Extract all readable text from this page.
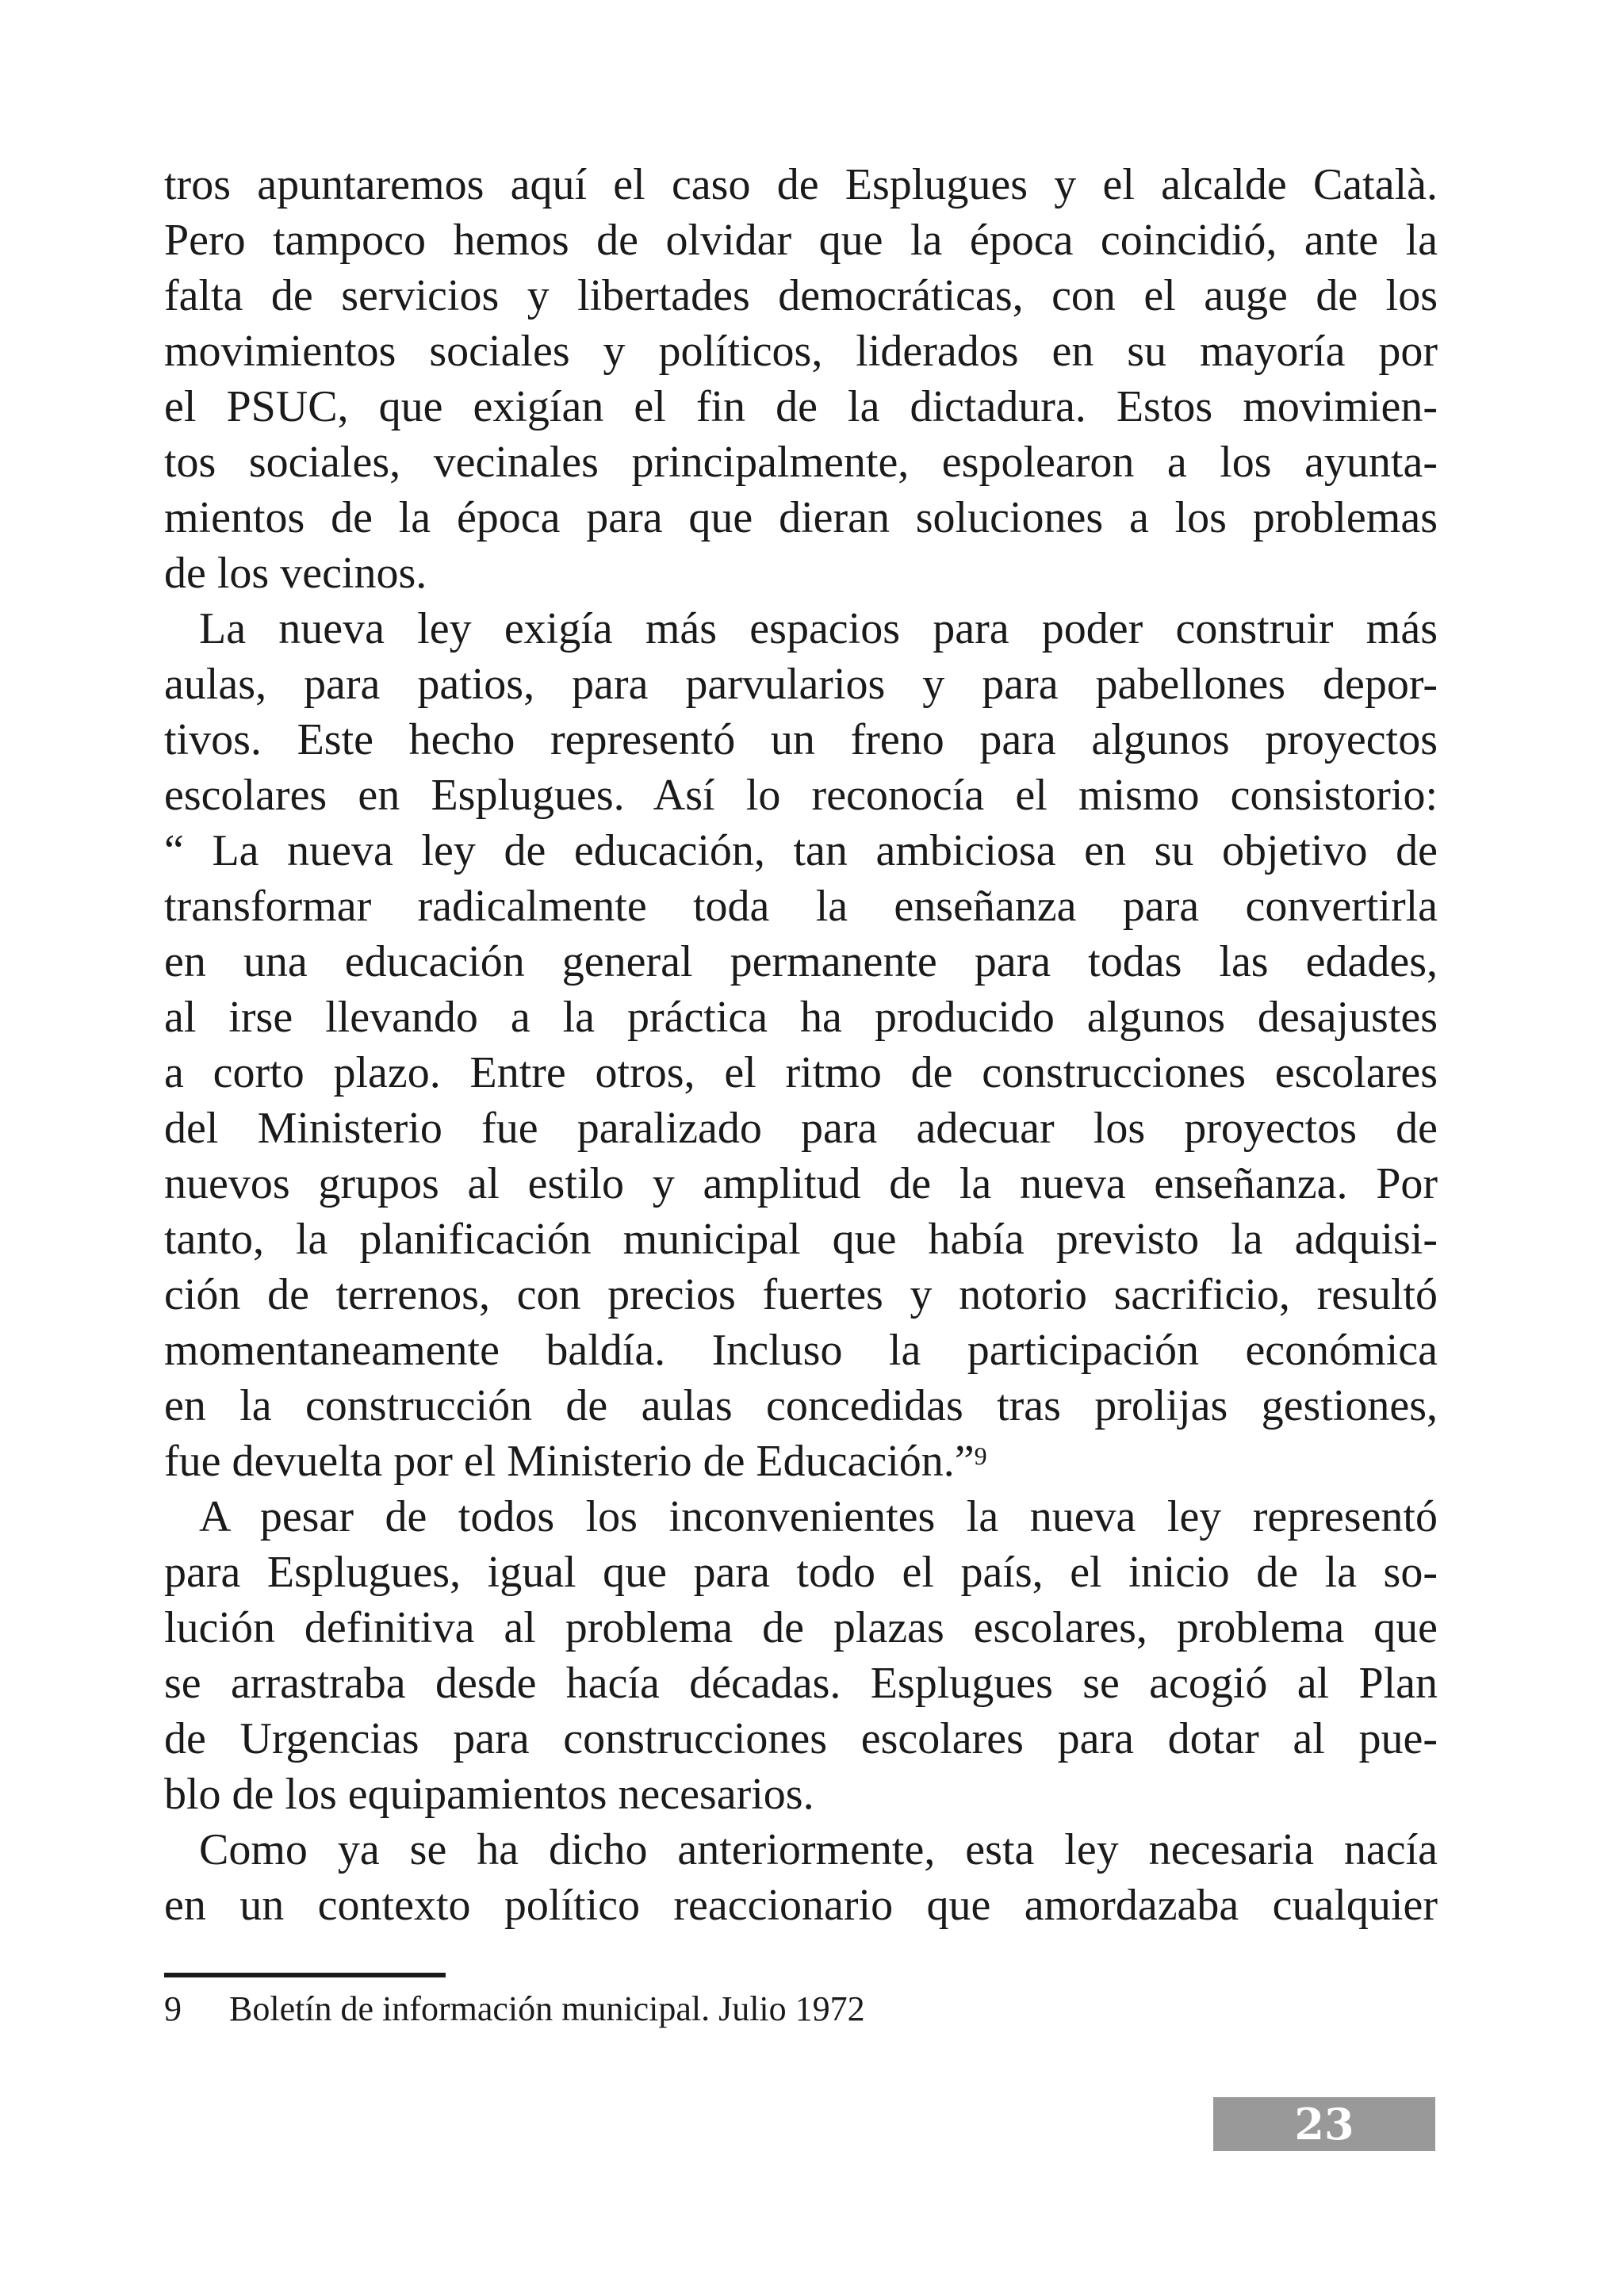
tros apuntaremos aquí el caso de Esplugues y el alcalde Català.
Pero tampoco hemos de olvidar que la época coincidió, ante la
falta de servicios y libertades democráticas, con el auge de los
movimientos sociales y políticos, liderados en su mayoría por
el PSUC, que exigían el fin de la dictadura. Estos movimien-
tos sociales, vecinales principalmente, espolearon a los ayunta-
mientos de la época para que dieran soluciones a los problemas
de los vecinos.
La nueva ley exigía más espacios para poder construir más
aulas, para patios, para parvularios y para pabellones depor-
tivos. Este hecho representó un freno para algunos proyectos
escolares en Esplugues. Así lo reconocía el mismo consistorio:
“ La nueva ley de educación, tan ambiciosa en su objetivo de
transformar radicalmente toda la enseñanza para convertirla
en una educación general permanente para todas las edades,
al irse llevando a la práctica ha producido algunos desajustes
a corto plazo. Entre otros, el ritmo de construcciones escolares
del Ministerio fue paralizado para adecuar los proyectos de
nuevos grupos al estilo y amplitud de la nueva enseñanza. Por
tanto, la planificación municipal que había previsto la adquisi-
ción de terrenos, con precios fuertes y notorio sacrificio, resultó
momentaneamente baldía. Incluso la participación económica
en la construcción de aulas concedidas tras prolijas gestiones,
fue devuelta por el Ministerio de Educación.”$^9$
A pesar de todos los inconvenientes la nueva ley representó
para Esplugues, igual que para todo el país, el inicio de la so-
lución definitiva al problema de plazas escolares, problema que
se arrastraba desde hacía décadas. Esplugues se acogió al Plan
de Urgencias para construcciones escolares para dotar al pue-
blo de los equipamientos necesarios.
Como ya se ha dicho anteriormente, esta ley necesaria nacía
en un contexto político reaccionario que amordazaba cualquier
9 Boletín de información municipal. Julio 1972
23
